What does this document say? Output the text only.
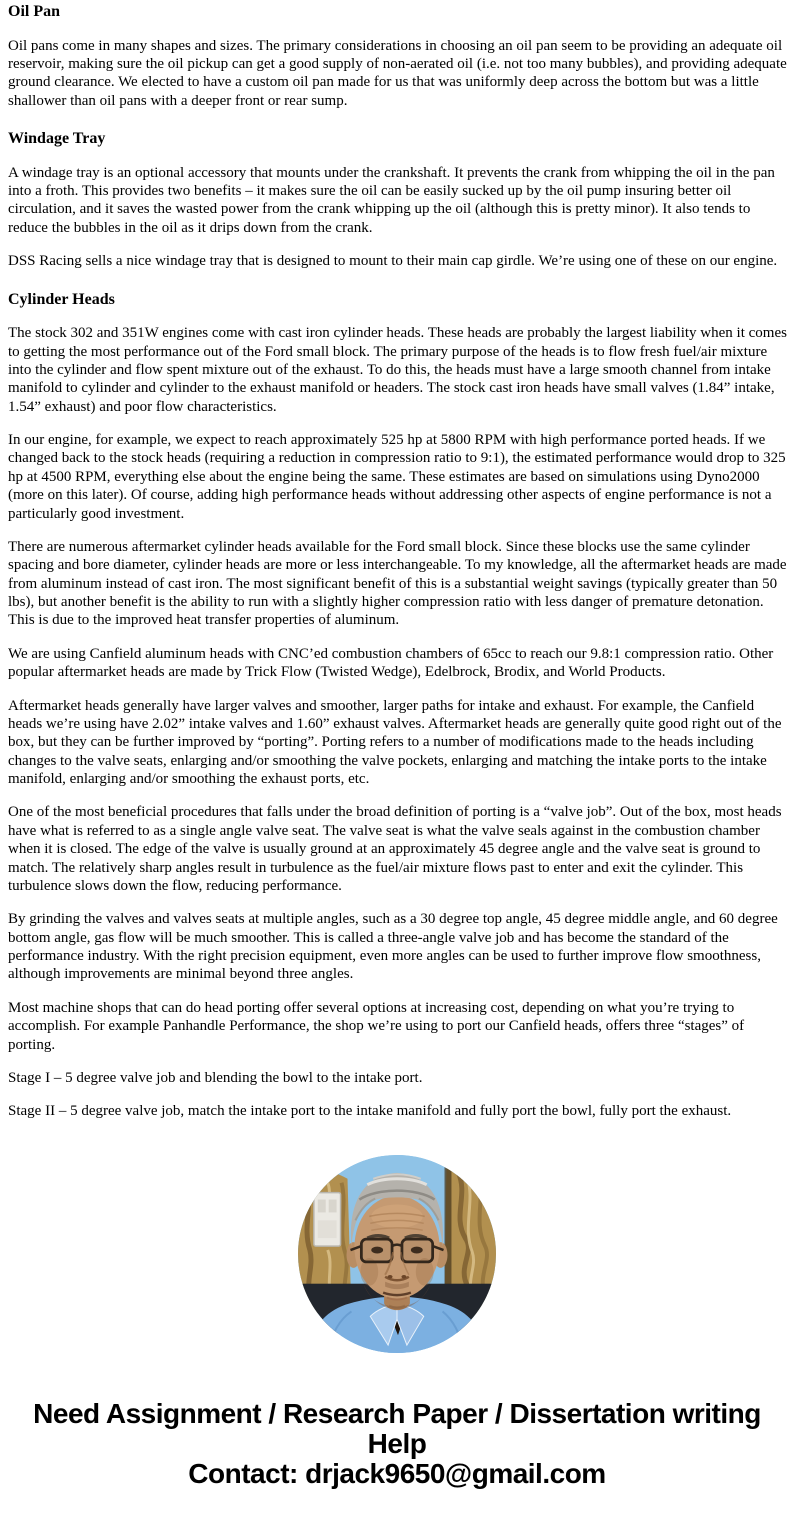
Oil Pan

Oil pans come in many shapes and sizes. The primary considerations in choosing an oil pan seem to be providing an adequate oil reservoir, making sure the oil pickup can get a good supply of non-aerated oil (i.e. not too many bubbles), and providing adequate ground clearance. We elected to have a custom oil pan made for us that was uniformly deep across the bottom but was a little shallower than oil pans with a deeper front or rear sump.

Windage Tray

A windage tray is an optional accessory that mounts under the crankshaft. It prevents the crank from whipping the oil in the pan into a froth. This provides two benefits – it makes sure the oil can be easily sucked up by the oil pump insuring better oil circulation, and it saves the wasted power from the crank whipping up the oil (although this is pretty minor). It also tends to reduce the bubbles in the oil as it drips down from the crank.

DSS Racing sells a nice windage tray that is designed to mount to their main cap girdle. We’re using one of these on our engine.

Cylinder Heads

The stock 302 and 351W engines come with cast iron cylinder heads. These heads are probably the largest liability when it comes to getting the most performance out of the Ford small block. The primary purpose of the heads is to flow fresh fuel/air mixture into the cylinder and flow spent mixture out of the exhaust. To do this, the heads must have a large smooth channel from intake manifold to cylinder and cylinder to the exhaust manifold or headers. The stock cast iron heads have small valves (1.84” intake, 1.54” exhaust) and poor flow characteristics.

In our engine, for example, we expect to reach approximately 525 hp at 5800 RPM with high performance ported heads. If we changed back to the stock heads (requiring a reduction in compression ratio to 9:1), the estimated performance would drop to 325 hp at 4500 RPM, everything else about the engine being the same. These estimates are based on simulations using Dyno2000 (more on this later). Of course, adding high performance heads without addressing other aspects of engine performance is not a particularly good investment.

There are numerous aftermarket cylinder heads available for the Ford small block. Since these blocks use the same cylinder spacing and bore diameter, cylinder heads are more or less interchangeable. To my knowledge, all the aftermarket heads are made from aluminum instead of cast iron. The most significant benefit of this is a substantial weight savings (typically greater than 50 lbs), but another benefit is the ability to run with a slightly higher compression ratio with less danger of premature detonation. This is due to the improved heat transfer properties of aluminum.

We are using Canfield aluminum heads with CNC’ed combustion chambers of 65cc to reach our 9.8:1 compression ratio. Other popular aftermarket heads are made by Trick Flow (Twisted Wedge), Edelbrock, Brodix, and World Products.

Aftermarket heads generally have larger valves and smoother, larger paths for intake and exhaust. For example, the Canfield heads we’re using have 2.02” intake valves and 1.60” exhaust valves. Aftermarket heads are generally quite good right out of the box, but they can be further improved by “porting”. Porting refers to a number of modifications made to the heads including changes to the valve seats, enlarging and/or smoothing the valve pockets, enlarging and matching the intake ports to the intake manifold, enlarging and/or smoothing the exhaust ports, etc.

One of the most beneficial procedures that falls under the broad definition of porting is a “valve job”. Out of the box, most heads have what is referred to as a single angle valve seat. The valve seat is what the valve seals against in the combustion chamber when it is closed. The edge of the valve is usually ground at an approximately 45 degree angle and the valve seat is ground to match. The relatively sharp angles result in turbulence as the fuel/air mixture flows past to enter and exit the cylinder. This turbulence slows down the flow, reducing performance.

By grinding the valves and valves seats at multiple angles, such as a 30 degree top angle, 45 degree middle angle, and 60 degree bottom angle, gas flow will be much smoother. This is called a three-angle valve job and has become the standard of the performance industry. With the right precision equipment, even more angles can be used to further improve flow smoothness, although improvements are minimal beyond three angles.

Most machine shops that can do head porting offer several options at increasing cost, depending on what you’re trying to accomplish. For example Panhandle Performance, the shop we’re using to port our Canfield heads, offers three “stages” of porting.

Stage I – 5 degree valve job and blending the bowl to the intake port.

Stage II – 5 degree valve job, match the intake port to the intake manifold and fully port the bowl, fully port the exhaust.

Need Assignment / Research Paper / Dissertation writing Help
Contact: drjack9650@gmail.com
